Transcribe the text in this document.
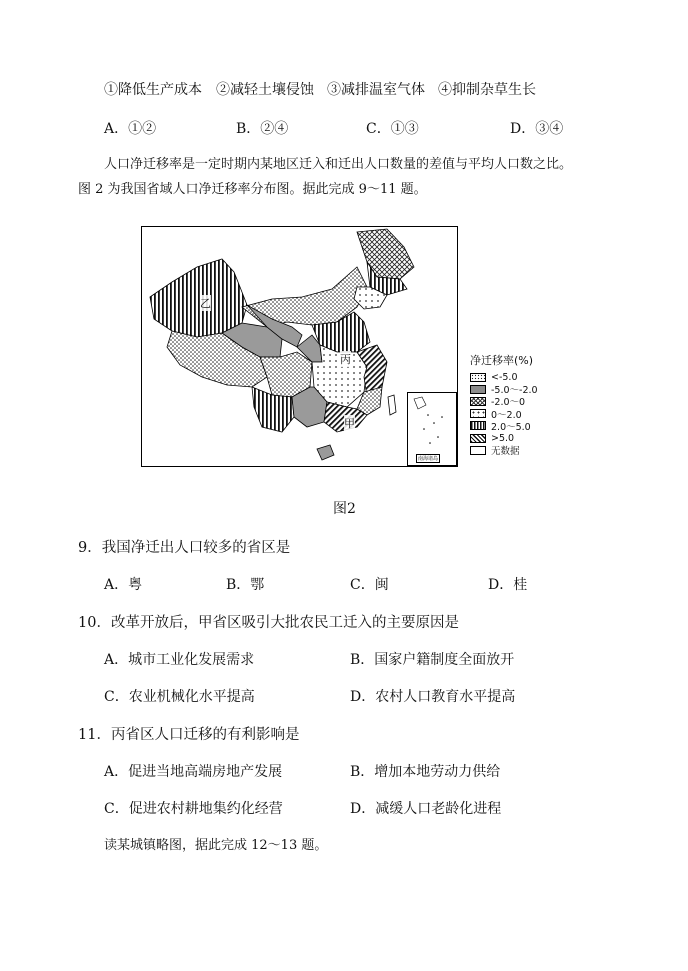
①降低生产成本 ②减轻土壤侵蚀 ③减排温室气体 ④抑制杂草生长
A．①②	B．②④	C．①③	D．③④
人口净迁移率是一定时期内某地区迁入和迁出人口数量的差值与平均人口数之比。
图 2 为我国省域人口净迁移率分布图。据此完成 9～11 题。
乙
丙
甲
南海诸岛
净迁移率(%)
<-5.0
-5.0～-2.0
-2.0～0
0～2.0
2.0～5.0
>5.0
无数据
图2
9．我国净迁出人口较多的省区是
A．粤	B．鄂	C．闽	D．桂
10．改革开放后，甲省区吸引大批农民工迁入的主要原因是
A．城市工业化发展需求	B．国家户籍制度全面放开
C．农业机械化水平提高	D．农村人口教育水平提高
11．丙省区人口迁移的有利影响是
A．促进当地高端房地产发展	B．增加本地劳动力供给
C．促进农村耕地集约化经营	D．减缓人口老龄化进程
读某城镇略图，据此完成 12～13 题。
